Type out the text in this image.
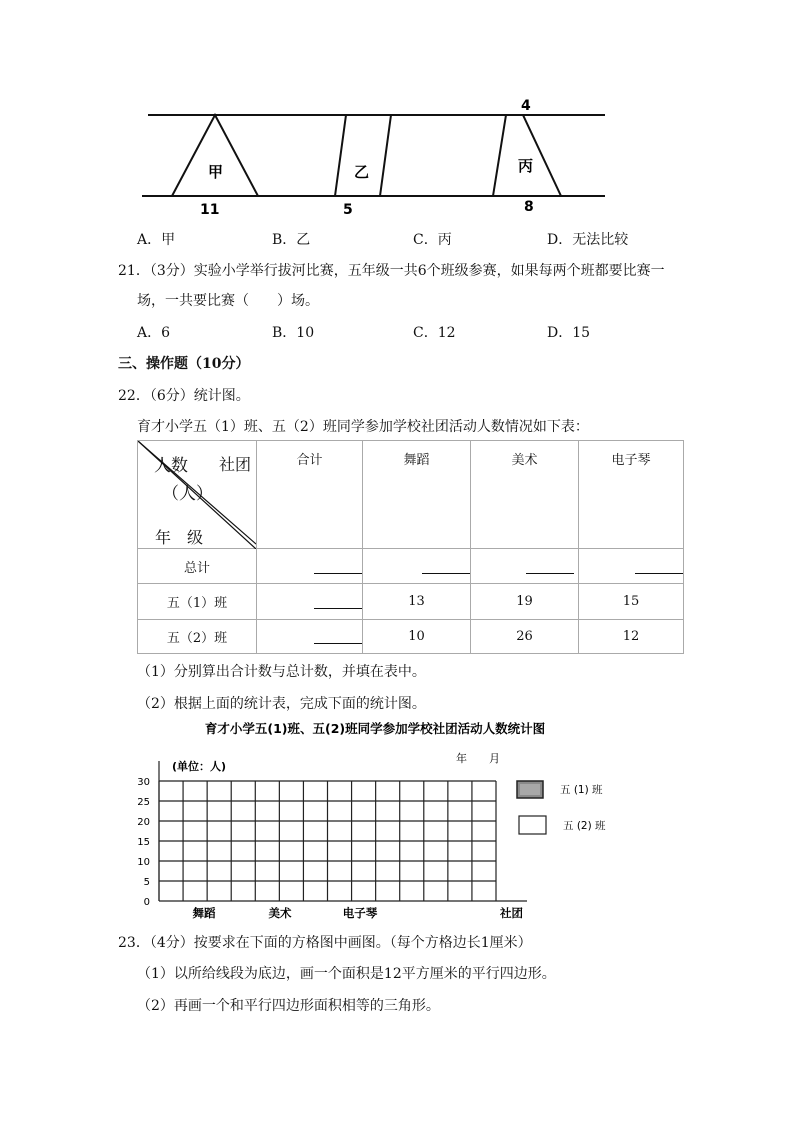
甲	乙	丙
4
11	5	8
A．甲	B．乙	C．丙	D．无法比较
21．（3分）实验小学举行拔河比赛，五年级一共6个班级参赛，如果每两个班都要比赛一
场，一共要比赛（　　）场。
A．6	B．10	C．12	D．15
三、操作题（10分）
22．（6分）统计图。
育才小学五（1）班、五（2）班同学参加学校社团活动人数情况如下表：
人数
（人）
社团
年　级	合计	舞蹈	美术	电子琴

总计				
五（1）班		13	19	15
五（2）班		10	26	12
（1）分别算出合计数与总计数，并填在表中。
（2）根据上面的统计表，完成下面的统计图。
育才小学五(1)班、五(2)班同学参加学校社团活动人数统计图
年　　月
(单位：人)
0
5
10
15
20
25
30
舞蹈	美术	电子琴	社团
五 (1) 班
五 (2) 班
23．（4分）按要求在下面的方格图中画图。（每个方格边长1厘米）
（1）以所给线段为底边，画一个面积是12平方厘米的平行四边形。
（2）再画一个和平行四边形面积相等的三角形。
